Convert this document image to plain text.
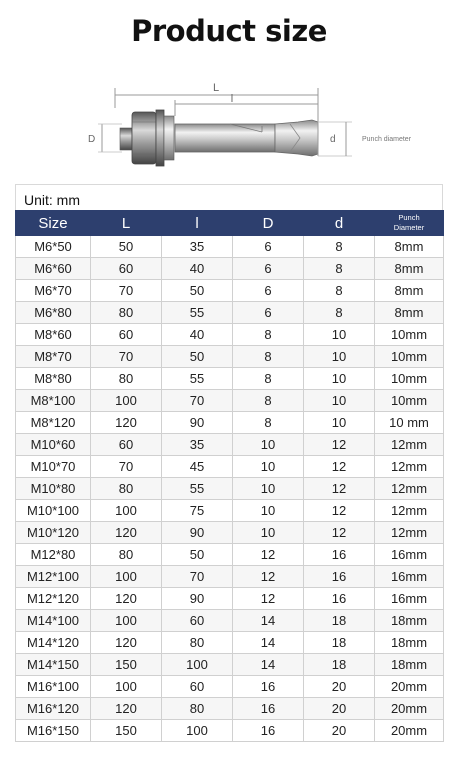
Product size
L
l
D	d	Punch diameter
Unit: mm
Size	L	l	D	d	Punch
Diameter
M6*50	50	35	6	8	8mm
M6*60	60	40	6	8	8mm
M6*70	70	50	6	8	8mm
M6*80	80	55	6	8	8mm
M8*60	60	40	8	10	10mm
M8*70	70	50	8	10	10mm
M8*80	80	55	8	10	10mm
M8*100	100	70	8	10	10mm
M8*120	120	90	8	10	10 mm
M10*60	60	35	10	12	12mm
M10*70	70	45	10	12	12mm
M10*80	80	55	10	12	12mm
M10*100	100	75	10	12	12mm
M10*120	120	90	10	12	12mm
M12*80	80	50	12	16	16mm
M12*100	100	70	12	16	16mm
M12*120	120	90	12	16	16mm
M14*100	100	60	14	18	18mm
M14*120	120	80	14	18	18mm
M14*150	150	100	14	18	18mm
M16*100	100	60	16	20	20mm
M16*120	120	80	16	20	20mm
M16*150	150	100	16	20	20mm
